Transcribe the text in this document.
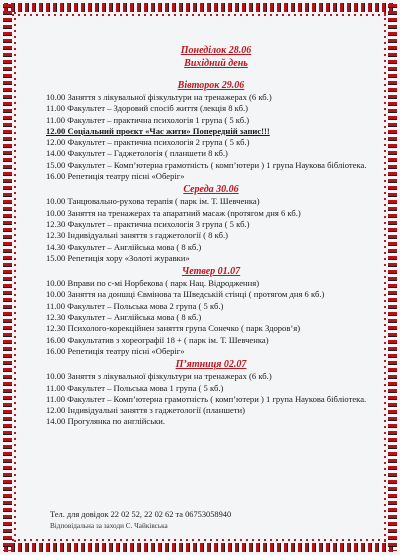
Понеділок 28.06
Вихідний день
Вівторок 29.06
10.00 Заняття з лікувальної фізкультури на тренажерах (6 кб.)
11.00 Факультет – Здоровий спосіб життя (лекція 8 кб.)
11.00 Факультет – практична психологія 1 група ( 5 кб.)
12.00 Соціальний проєкт «Час жити» Попередній запис!!!
12.00 Факультет – практична психологія 2 група ( 5 кб.)
14.00 Факультет – Гаджетологія ( планшети 8 кб.)
15.00 Факультет – Комп’ютерна грамотність ( комп’ютери ) 1 група Наукова бібліотека.
16.00 Репетиція театру пісні «Оберіг»
Середа 30.06
10.00 Танцювально-рухова терапія ( парк ім. Т. Шевченка)
10.00 Заняття на тренажерах та апаратний масаж (протягом дня 6 кб.)
12.30 Факультет – практична психологія 3 група ( 5 кб.)
12.30 Індивідуальні заняття з гаджетології ( 8 кб.)
14.30 Факультет – Англійська мова ( 8 кб.)
15.00 Репетиція хору «Золоті журавки»
Четвер 01.07
10.00 Вправи по с-мі Норбекова ( парк Нац. Відродження)
10.00 Заняття на доншці Євмінова та Шведській стінці ( протягом дня 6 кб.)
11.00 Факультет – Польська мова 2 група ( 5 кб.)
12.30 Факультет – Англійська мова ( 8 кб.)
12.30 Психолого-корекційнен заняття група Сонечко ( парк Здоров’я)
16.00 Факультатив з хореографії 18 + ( парк ім. Т. Шевченка)
16.00 Репетиція театру пісні «Оберіг»
П’ятниця 02.07
10.00 Заняття з лікувальної фізкультури на тренажерах (6 кб.)
11.00 Факультет – Польська мова 1 група ( 5 кб.)
11.00 Факультет – Комп’ютерна грамотність ( комп’ютери ) 1 група Наукова бібліотека.
12.00 Індивідуальні заняття з гаджетології (планшети)
14.00 Прогулянка по англійськи.
Тел. для довідок 22 02 52, 22 02 62 та 06753058940
Відповідальна за заходи С. Чайківська
